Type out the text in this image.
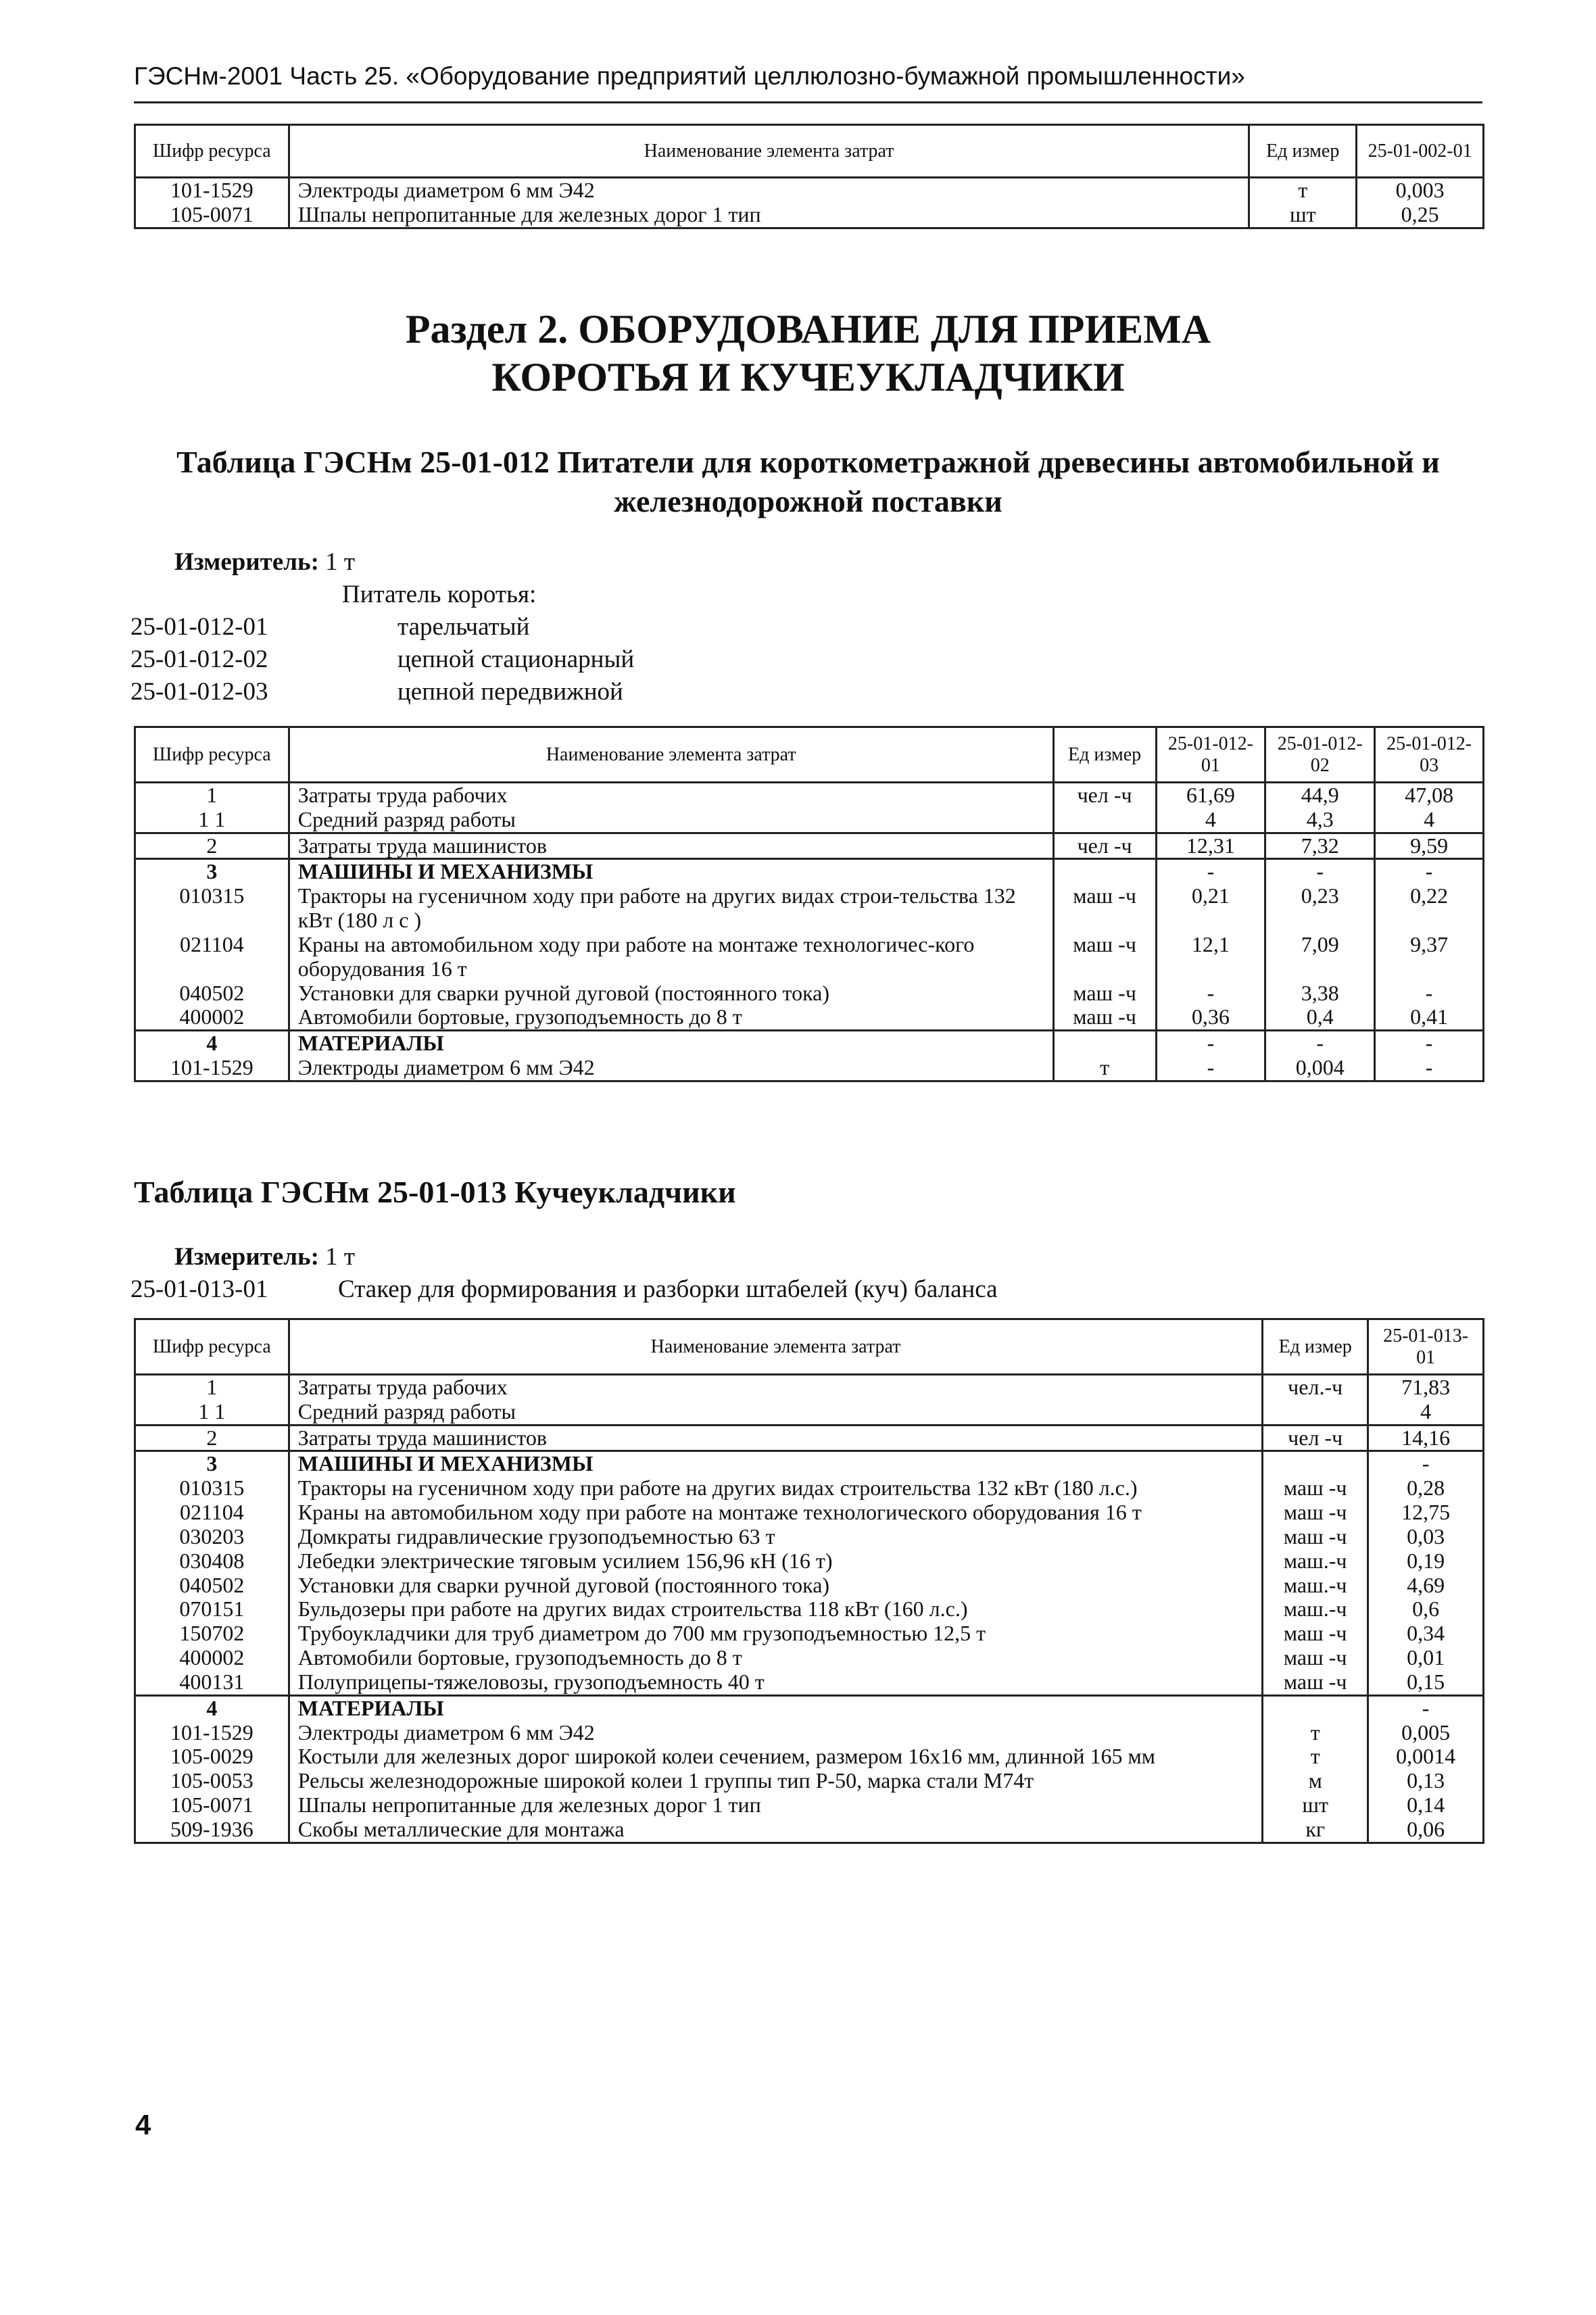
ГЭСНм-2001 Часть 25. «Оборудование предприятий целлюлозно-бумажной промышленности»
Шифр ресурса	Наименование элемента затрат	Ед измер	25-01-002-01
101-1529	Электроды диаметром 6 мм Э42	т	0,003
105-0071	Шпалы непропитанные для железных дорог 1 тип	шт	0,25
Раздел 2. ОБОРУДОВАНИЕ ДЛЯ ПРИЕМА КОРОТЬЯ И КУЧЕУКЛАДЧИКИ
Таблица ГЭСНм 25-01-012 Питатели для короткометражной древесины автомобильной и железнодорожной поставки
Измеритель: 1 т
Питатель коротья:
25-01-012-01	тарельчатый
25-01-012-02	цепной стационарный
25-01-012-03	цепной передвижной
Шифр ресурса	Наименование элемента затрат	Ед измер	25-01-012-01	25-01-012-02	25-01-012-03
1	Затраты труда рабочих	чел -ч	61,69	44,9	47,08
1 1	Средний разряд работы		4	4,3	4
2	Затраты труда машинистов	чел -ч	12,31	7,32	9,59
3	МАШИНЫ И МЕХАНИЗМЫ		-	-	-
010315	Тракторы на гусеничном ходу при работе на других видах строи-тельства 132 кВт (180 л с )	маш -ч	0,21	0,23	0,22
021104	Краны на автомобильном ходу при работе на монтаже технологичес-кого оборудования 16 т	маш -ч	12,1	7,09	9,37
040502	Установки для сварки ручной дуговой (постоянного тока)	маш -ч	-	3,38	-
400002	Автомобили бортовые, грузоподъемность до 8 т	маш -ч	0,36	0,4	0,41
4	МАТЕРИАЛЫ		-	-	-
101-1529	Электроды диаметром 6 мм Э42	т	-	0,004	-
Таблица ГЭСНм 25-01-013 Кучеукладчики
Измеритель: 1 т
25-01-013-01	Стакер для формирования и разборки штабелей (куч) баланса
Шифр ресурса	Наименование элемента затрат	Ед измер	25-01-013-01
1	Затраты труда рабочих	чел.-ч	71,83
1 1	Средний разряд работы		4
2	Затраты труда машинистов	чел -ч	14,16
3	МАШИНЫ И МЕХАНИЗМЫ		-
010315	Тракторы на гусеничном ходу при работе на других видах строительства 132 кВт (180 л.с.)	маш -ч	0,28
021104	Краны на автомобильном ходу при работе на монтаже технологического оборудования 16 т	маш -ч	12,75
030203	Домкраты гидравлические грузоподъемностью 63 т	маш -ч	0,03
030408	Лебедки электрические тяговым усилием 156,96 кН (16 т)	маш.-ч	0,19
040502	Установки для сварки ручной дуговой (постоянного тока)	маш.-ч	4,69
070151	Бульдозеры при работе на других видах строительства 118 кВт (160 л.с.)	маш.-ч	0,6
150702	Трубоукладчики для труб диаметром до 700 мм грузоподъемностью 12,5 т	маш -ч	0,34
400002	Автомобили бортовые, грузоподъемность до 8 т	маш -ч	0,01
400131	Полуприцепы-тяжеловозы, грузоподъемность 40 т	маш -ч	0,15
4	МАТЕРИАЛЫ		-
101-1529	Электроды диаметром 6 мм Э42	т	0,005
105-0029	Костыли для железных дорог широкой колеи сечением, размером 16х16 мм, длинной 165 мм	т	0,0014
105-0053	Рельсы железнодорожные широкой колеи 1 группы тип Р-50, марка стали М74т	м	0,13
105-0071	Шпалы непропитанные для железных дорог 1 тип	шт	0,14
509-1936	Скобы металлические для монтажа	кг	0,06
4
